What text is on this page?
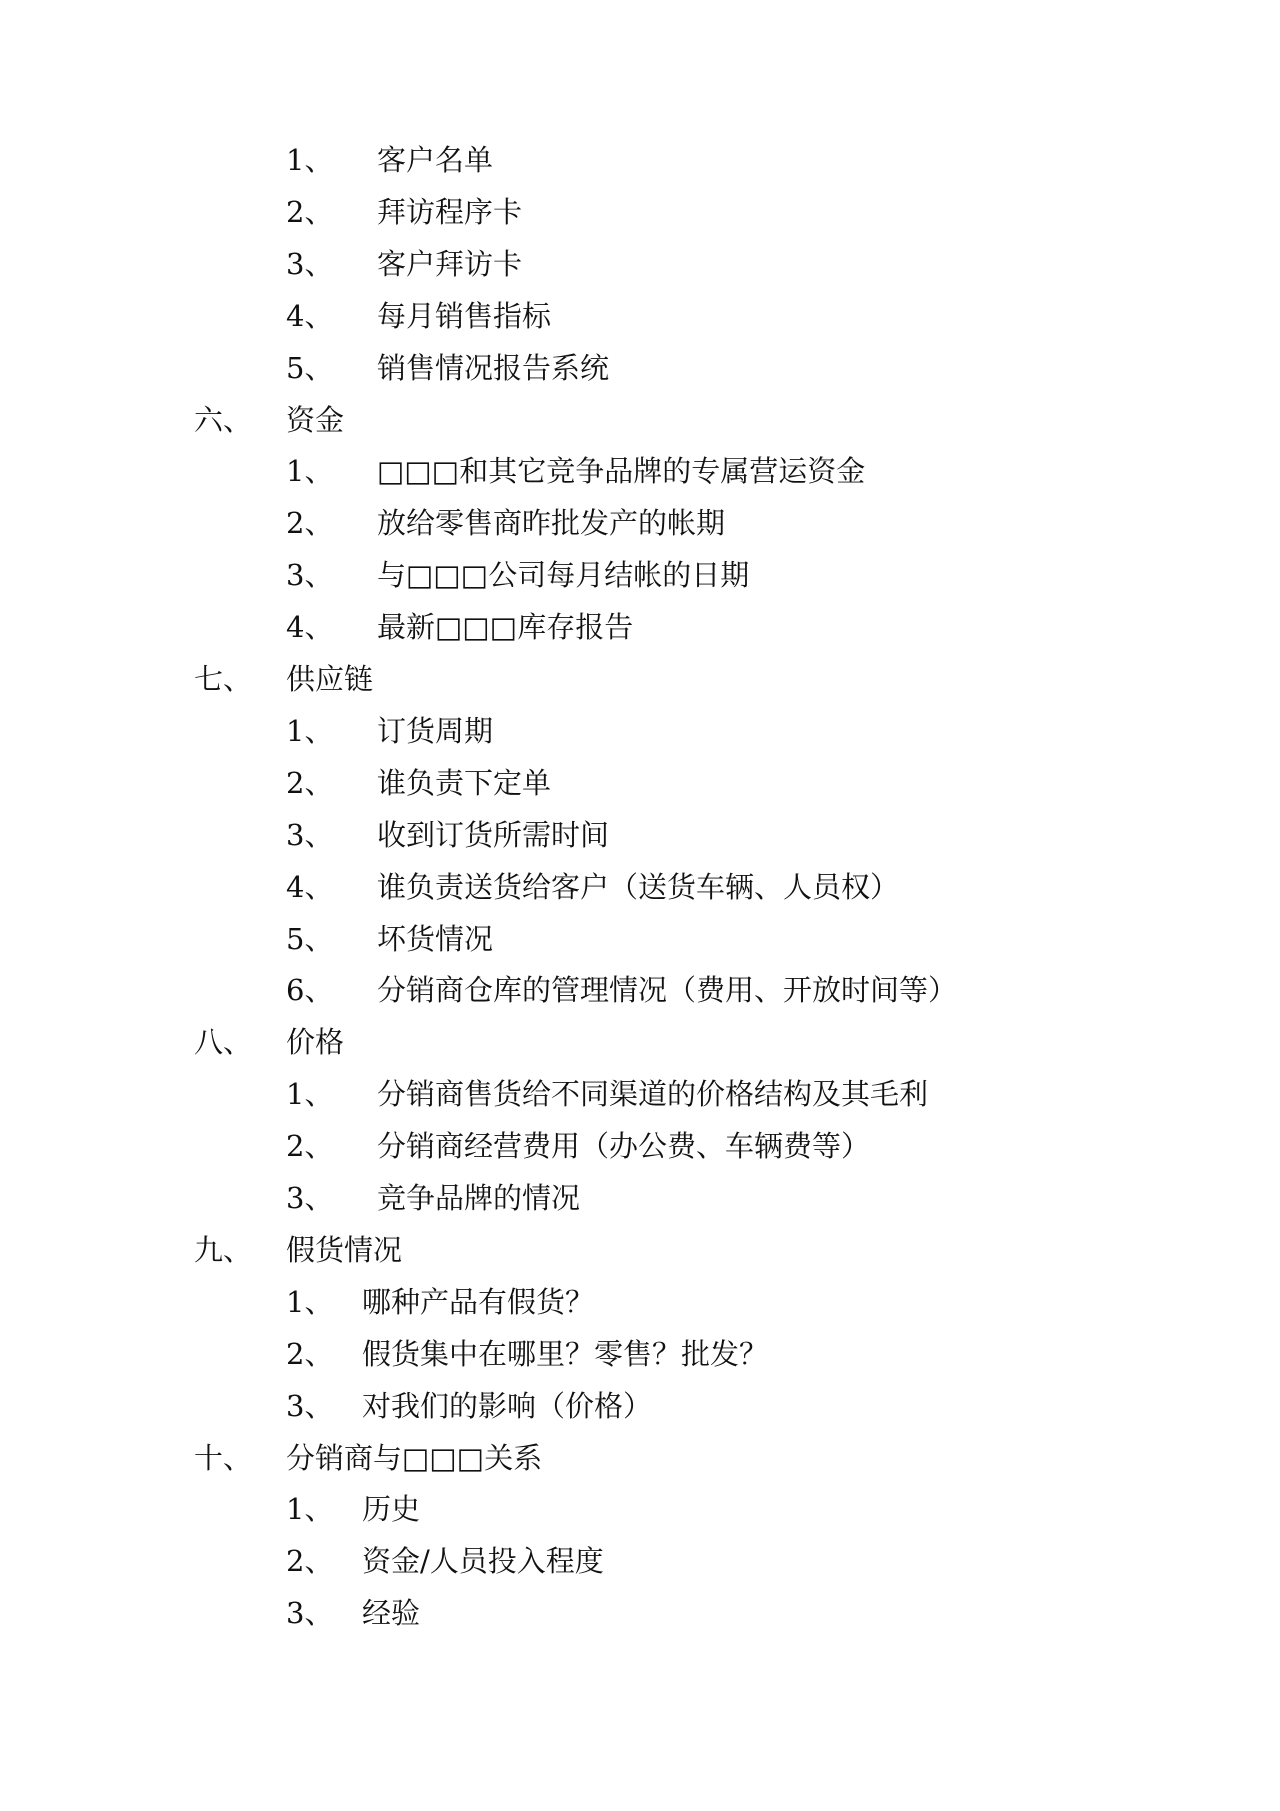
1、 客户名单
2、 拜访程序卡
3、 客户拜访卡
4、 每月销售指标
5、 销售情况报告系统
六、 资金
1、 □□□和其它竞争品牌的专属营运资金
2、 放给零售商昨批发产的帐期
3、 与□□□公司每月结帐的日期
4、 最新□□□库存报告
七、 供应链
1、 订货周期
2、 谁负责下定单
3、 收到订货所需时间
4、 谁负责送货给客户（送货车辆、人员权）
5、 坏货情况
6、 分销商仓库的管理情况（费用、开放时间等）
八、 价格
1、 分销商售货给不同渠道的价格结构及其毛利
2、 分销商经营费用（办公费、车辆费等）
3、 竞争品牌的情况
九、 假货情况
1、 哪种产品有假货？
2、 假货集中在哪里？零售？批发？
3、 对我们的影响（价格）
十、 分销商与□□□关系
1、 历史
2、 资金/人员投入程度
3、 经验
